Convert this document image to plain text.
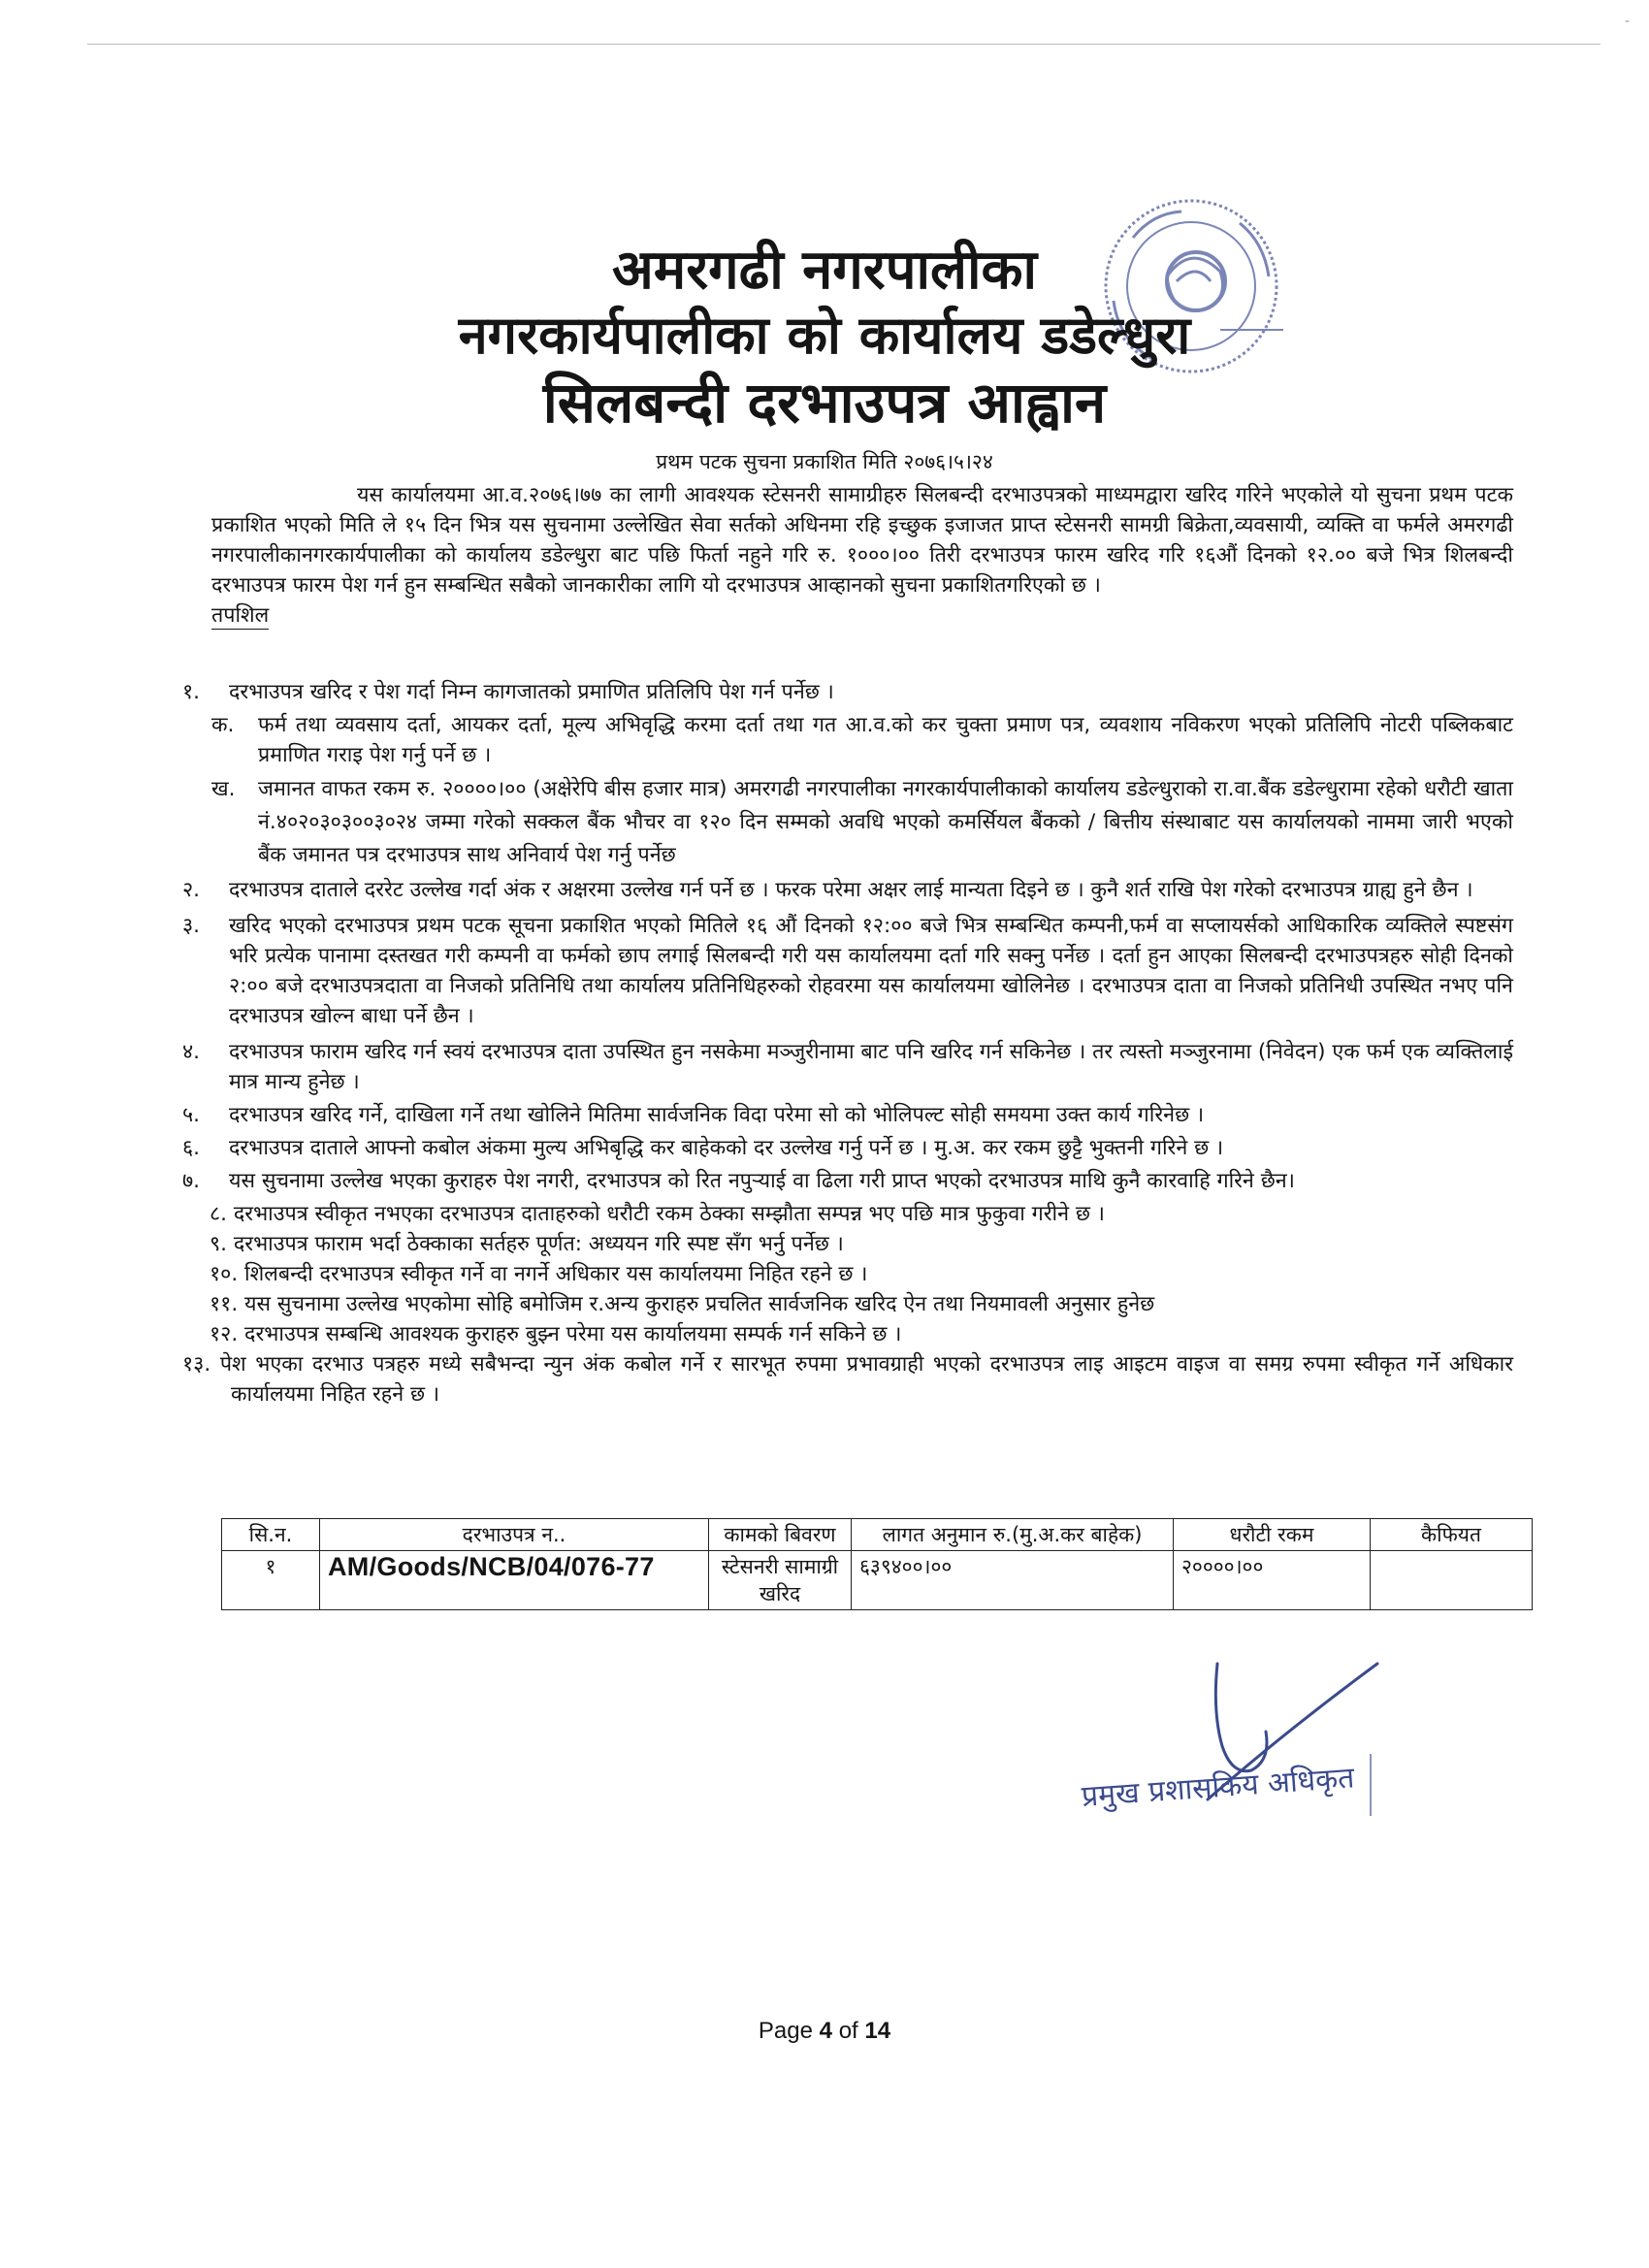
-
अमरगढी नगरपालीका
नगरकार्यपालीका को कार्यालय डडेल्धुरा
सिलबन्दी दरभाउपत्र आह्वान
प्रथम पटक सुचना प्रकाशित मिति २०७६।५।२४

यस कार्यालयमा आ.व.२०७६।७७ का लागी आवश्यक स्टेसनरी सामाग्रीहरु सिलबन्दी दरभाउपत्रको माध्यमद्वारा खरिद गरिने भएकोले यो सुचना प्रथम पटक प्रकाशित भएको मिति ले १५ दिन भित्र यस सुचनामा उल्लेखित सेवा सर्तको अधिनमा रहि इच्छुक इजाजत प्राप्त स्टेसनरी सामग्री बिक्रेता,व्यवसायी, व्यक्ति वा फर्मले अमरगढी नगरपालीकानगरकार्यपालीका को कार्यालय डडेल्धुरा बाट पछि फिर्ता नहुने गरि रु. १०००।०० तिरी दरभाउपत्र फारम खरिद गरि १६औं दिनको १२.०० बजे भित्र शिलबन्दी दरभाउपत्र फारम पेश गर्न हुन सम्बन्धित सबैको जानकारीका लागि यो दरभाउपत्र आव्हानको सुचना प्रकाशितगरिएको छ ।

तपशिल
१. दरभाउपत्र खरिद र पेश गर्दा निम्न कागजातको प्रमाणित प्रतिलिपि पेश गर्न पर्नेछ ।
क. फर्म तथा व्यवसाय दर्ता, आयकर दर्ता, मूल्य अभिवृद्धि करमा दर्ता तथा गत आ.व.को कर चुक्ता प्रमाण पत्र, व्यवशाय नविकरण भएको प्रतिलिपि नोटरी पब्लिकबाट प्रमाणित गराइ पेश गर्नु पर्ने छ ।
ख. जमानत वाफत रकम रु. २००००।०० (अक्षेरेपि बीस हजार मात्र) अमरगढी नगरपालीका नगरकार्यपालीकाको कार्यालय डडेल्धुराको रा.वा.बैंक डडेल्धुरामा रहेको धरौटी खाता नं.४०२०३०३००३०२४ जम्मा गरेको सक्कल बैंक भौचर वा १२० दिन सम्मको अवधि भएको कमर्सियल बैंकको / बित्तीय संस्थाबाट यस कार्यालयको नाममा जारी भएको बैंक जमानत पत्र दरभाउपत्र साथ अनिवार्य पेश गर्नु पर्नेछ
२. दरभाउपत्र दाताले दररेट उल्लेख गर्दा अंक र अक्षरमा उल्लेख गर्न पर्ने छ । फरक परेमा अक्षर लाई मान्यता दिइने छ । कुनै शर्त राखि पेश गरेको दरभाउपत्र ग्राह्य हुने छैन ।
३. खरिद भएको दरभाउपत्र प्रथम पटक सूचना प्रकाशित भएको मितिले १६ औं दिनको १२:०० बजे भित्र सम्बन्धित कम्पनी,फर्म वा सप्लायर्सको आधिकारिक व्यक्तिले स्पष्टसंग भरि प्रत्येक पानामा दस्तखत गरी कम्पनी वा फर्मको छाप लगाई सिलबन्दी गरी यस कार्यालयमा दर्ता गरि सक्नु पर्नेछ । दर्ता हुन आएका सिलबन्दी दरभाउपत्रहरु सोही दिनको २:०० बजे दरभाउपत्रदाता वा निजको प्रतिनिधि तथा कार्यालय प्रतिनिधिहरुको रोहवरमा यस कार्यालयमा खोलिनेछ । दरभाउपत्र दाता वा निजको प्रतिनिधी उपस्थित नभए पनि दरभाउपत्र खोल्न बाधा पर्ने छैन ।
४. दरभाउपत्र फाराम खरिद गर्न स्वयं दरभाउपत्र दाता उपस्थित हुन नसकेमा मञ्जुरीनामा बाट पनि खरिद गर्न सकिनेछ । तर त्यस्तो मञ्जुरनामा (निवेदन) एक फर्म एक व्यक्तिलाई मात्र मान्य हुनेछ ।
५. दरभाउपत्र खरिद गर्ने, दाखिला गर्ने तथा खोलिने मितिमा सार्वजनिक विदा परेमा सो को भोलिपल्ट सोही समयमा उक्त कार्य गरिनेछ ।
६. दरभाउपत्र दाताले आफ्नो कबोल अंकमा मुल्य अभिबृद्धि कर बाहेकको दर उल्लेख गर्नु पर्ने छ । मु.अ. कर रकम छुट्टै भुक्तनी गरिने छ ।
७. यस सुचनामा उल्लेख भएका कुराहरु पेश नगरी, दरभाउपत्र को रित नपुऱ्याई वा ढिला गरी प्राप्त भएको दरभाउपत्र माथि कुनै कारवाहि गरिने छैन।
८. दरभाउपत्र स्वीकृत नभएका दरभाउपत्र दाताहरुको धरौटी रकम ठेक्का सम्झौता सम्पन्न भए पछि मात्र फुकुवा गरीने छ ।
९. दरभाउपत्र फाराम भर्दा ठेक्काका सर्तहरु पूर्णत: अध्ययन गरि स्पष्ट सँग भर्नु पर्नेछ ।
१०. शिलबन्दी दरभाउपत्र स्वीकृत गर्ने वा नगर्ने अधिकार यस कार्यालयमा निहित रहने छ ।
११. यस सुचनामा उल्लेख भएकोमा सोहि बमोजिम र.अन्य कुराहरु प्रचलित सार्वजनिक खरिद ऐन तथा नियमावली अनुसार हुनेछ
१२. दरभाउपत्र सम्बन्धि आवश्यक कुराहरु बुझ्न परेमा यस कार्यालयमा सम्पर्क गर्न सकिने छ ।
१३. पेश भएका दरभाउ पत्रहरु मध्ये सबैभन्दा न्युन अंक कबोल गर्ने र सारभूत रुपमा प्रभावग्राही भएको दरभाउपत्र लाइ आइटम वाइज वा समग्र रुपमा स्वीकृत गर्ने अधिकार कार्यालयमा निहित रहने छ ।
सि.न.	दरभाउपत्र न..	कामको बिवरण	लागत अनुमान रु.(मु.अ.कर बाहेक)	धरौटी रकम	कैफियत
१	AM/Goods/NCB/04/076-77	स्टेसनरी सामाग्री खरिद	६३९४००।००	२००००।००	
प्रमुख प्रशासकिय अधिकृत
Page 4 of 14
